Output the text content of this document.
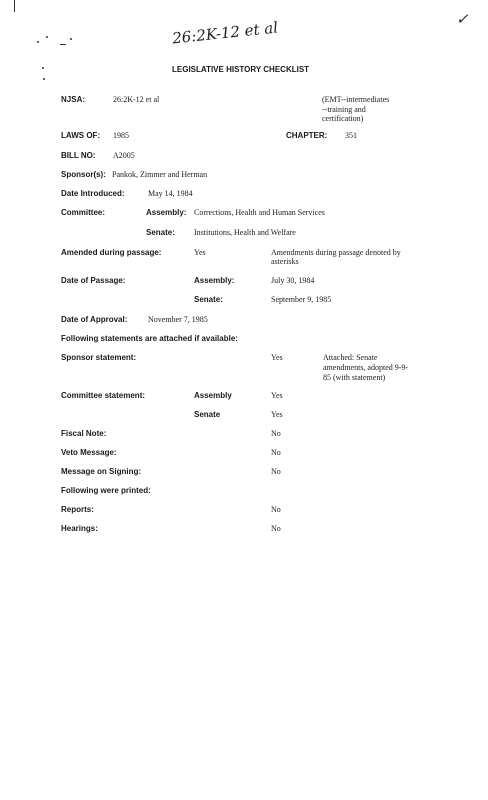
26:2K-12 et al	✓
LEGISLATIVE HISTORY CHECKLIST
NJSA:	26:2K-12 et al	(EMT--intermediates
--training and
certification)
LAWS OF: 1985	CHAPTER: 351
BILL NO: A2005
Sponsor(s): Pankok, Zimmer and Herman
Date Introduced:	May 14, 1984
Committee:	Assembly: Corrections, Health and Human Services
Senate: Institutions, Health and Welfare
Amended during passage:	Yes	Amendments during passage denoted by
asterisks
Date of Passage:	Assembly:	July 30, 1984
Senate:	September 9, 1985
Date of Approval:	November 7, 1985
Following statements are attached if available:
Sponsor statement:	Yes	Attached: Senate
amendments, adopted 9-9-
85 (with statement)
Committee statement:	Assembly	Yes
Senate	Yes
Fiscal Note:	No
Veto Message:	No
Message on Signing:	No
Following were printed:
Reports:	No
Hearings:	No
